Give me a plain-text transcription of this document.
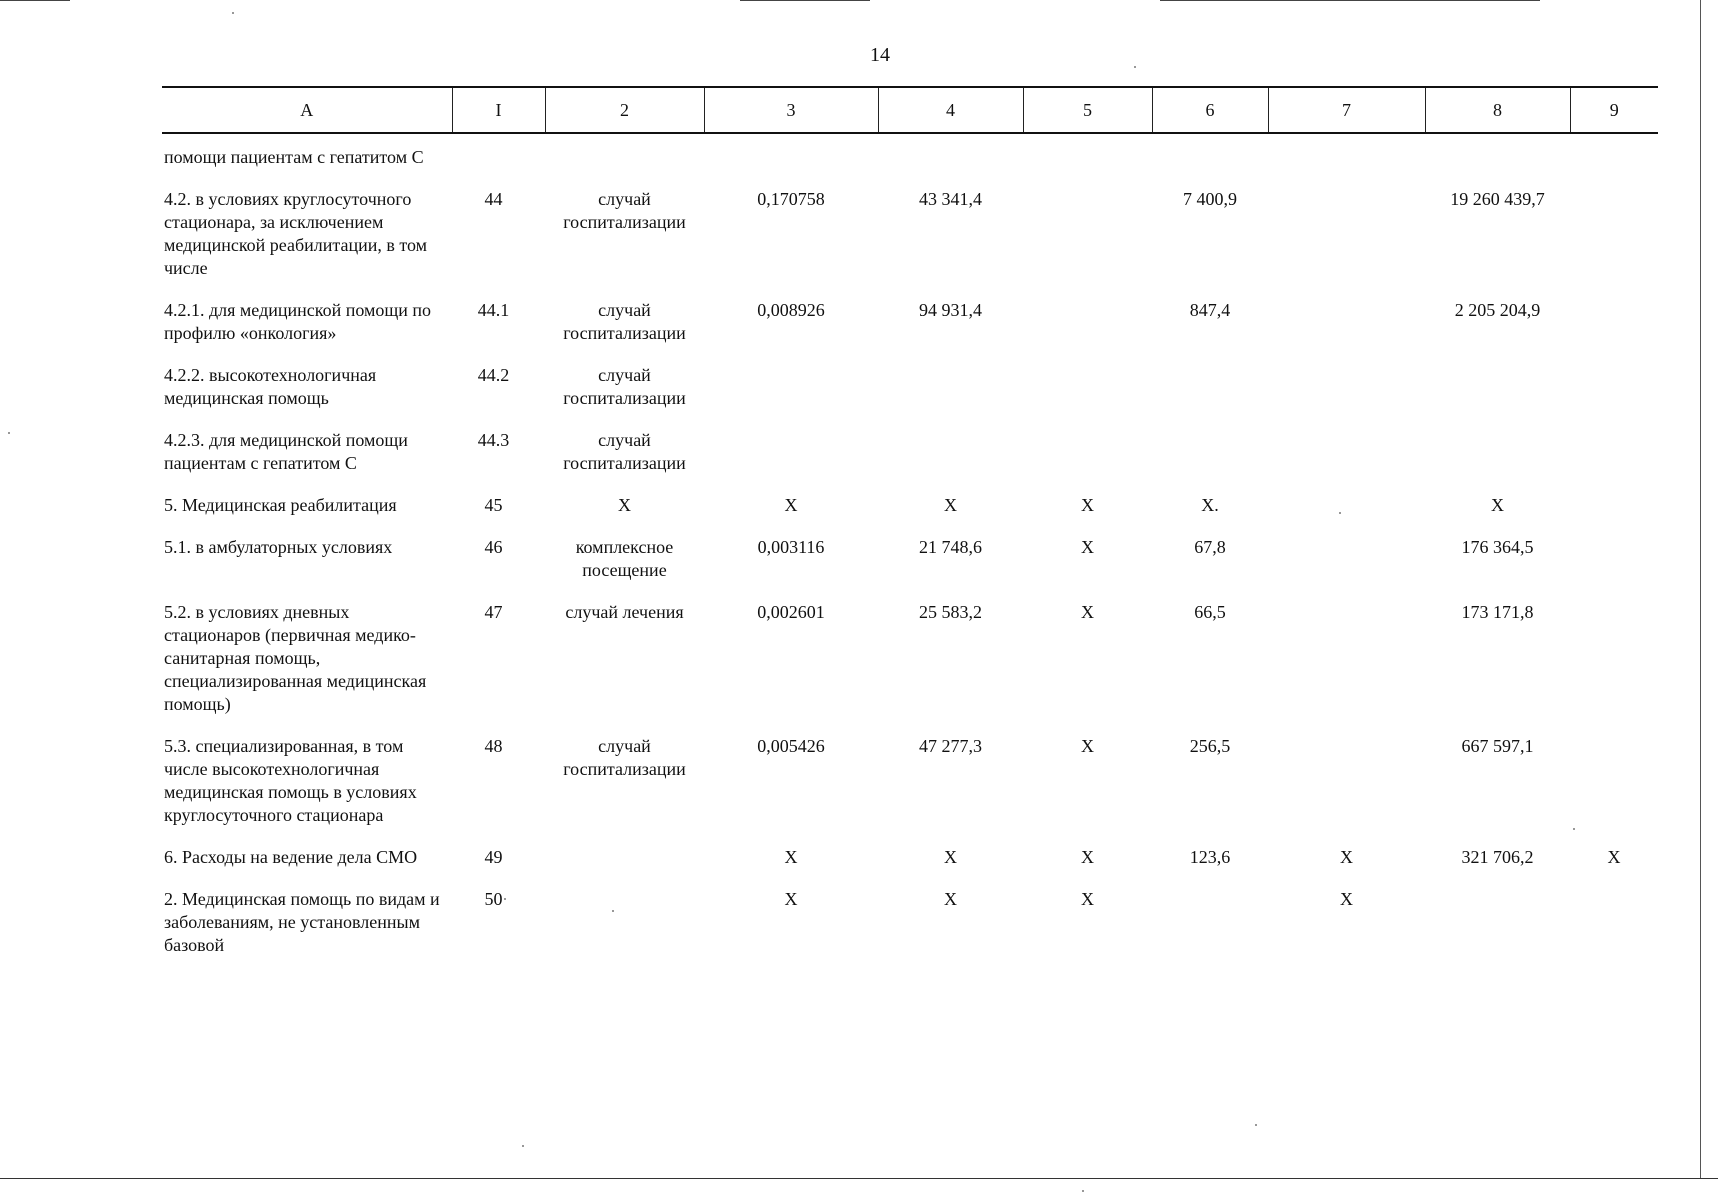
14
A	I	2	3	4	5	6	7	8	9
помощи пациентам с гепатитом С									
4.2. в условиях круглосуточного стационара, за исключением медицинской реабилитации, в том числе	44	случай госпитализации	0,170758	43 341,4		7 400,9		19 260 439,7	
4.2.1. для медицинской помощи по профилю «онкология»	44.1	случай госпитализации	0,008926	94 931,4		847,4		2 205 204,9	
4.2.2. высокотехнологичная медицинская помощь	44.2	случай госпитализации							
4.2.3. для медицинской помощи пациентам с гепатитом С	44.3	случай госпитализации							
5. Медицинская реабилитация	45	X	X	X	X	X.		X	
5.1. в амбулаторных условиях	46	комплексное посещение	0,003116	21 748,6	X	67,8		176 364,5	
5.2. в условиях дневных стационаров (первичная медико-санитарная помощь, специализированная медицинская помощь)	47	случай лечения	0,002601	25 583,2	X	66,5		173 171,8	
5.3. специализированная, в том числе высокотехнологичная медицинская помощь в условиях круглосуточного стационара	48	случай госпитализации	0,005426	47 277,3	X	256,5		667 597,1	
6. Расходы на ведение дела СМО	49		X	X	X	123,6	X	321 706,2	X
2. Медицинская помощь по видам и заболеваниям, не установленным базовой	50		X	X	X		X		
